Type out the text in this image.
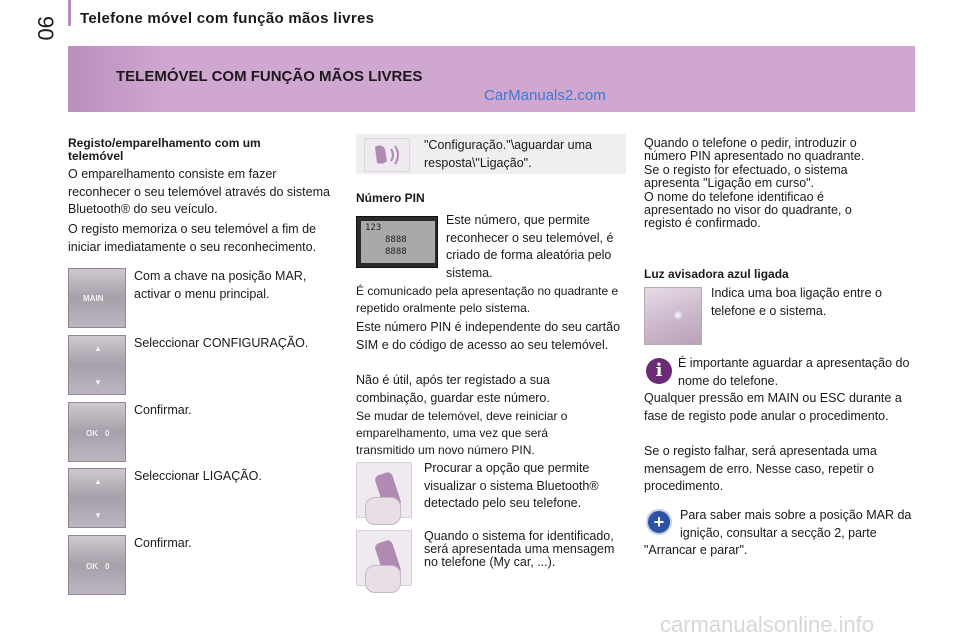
90 Telefone móvel com função mãos livres
TELEMÓVEL COM FUNÇÃO MÃOS LIVRES
CarManuals2.com
Registo/emparelhamento com um telemóvel
O emparelhamento consiste em fazer reconhecer o seu telemóvel através do sistema Bluetooth® do seu veículo.
O registo memoriza o seu telemóvel a fim de iniciar imediatamente o seu reconhecimento.
MAIN
Com a chave na posição MAR, activar o menu principal.
▲
▼
Seleccionar CONFIGURAÇÃO.
OK 0
Confirmar.
▲
▼
Seleccionar LIGAÇÃO.
OK 0
Confirmar.
"Configuração."\aguardar uma resposta\"Ligação".
Número PIN
123
8888
8888
Este número, que permite reconhecer o seu telemóvel, é criado de forma aleatória pelo sistema.
É comunicado pela apresentação no quadrante e repetido oralmente pelo sistema.
Este número PIN é independente do seu cartão SIM e do código de acesso ao seu telemóvel.
Não é útil, após ter registado a sua combinação, guardar este número.
Se mudar de telemóvel, deve reiniciar o emparelhamento, uma vez que será transmitido um novo número PIN.
Procurar a opção que permite visualizar o sistema Bluetooth® detectado pelo seu telefone.
Quando o sistema for identificado, será apresentada uma mensagem no telefone (My car, ...).
Quando o telefone o pedir, introduzir o número PIN apresentado no quadrante.
Se o registo for efectuado, o sistema apresenta "Ligação em curso".
O nome do telefone identificao é apresentado no visor do quadrante, o registo é confirmado.
Luz avisadora azul ligada
Indica uma boa ligação entre o telefone e o sistema.
i	É importante aguardar a apresentação do nome do telefone.
Qualquer pressão em MAIN ou ESC durante a fase de registo pode anular o procedimento.
Se o registo falhar, será apresentada uma mensagem de erro. Nesse caso, repetir o procedimento.
+	Para saber mais sobre a posição MAR da ignição, consultar a secção 2, parte
"Arrancar e parar".
carmanualsonline.info
